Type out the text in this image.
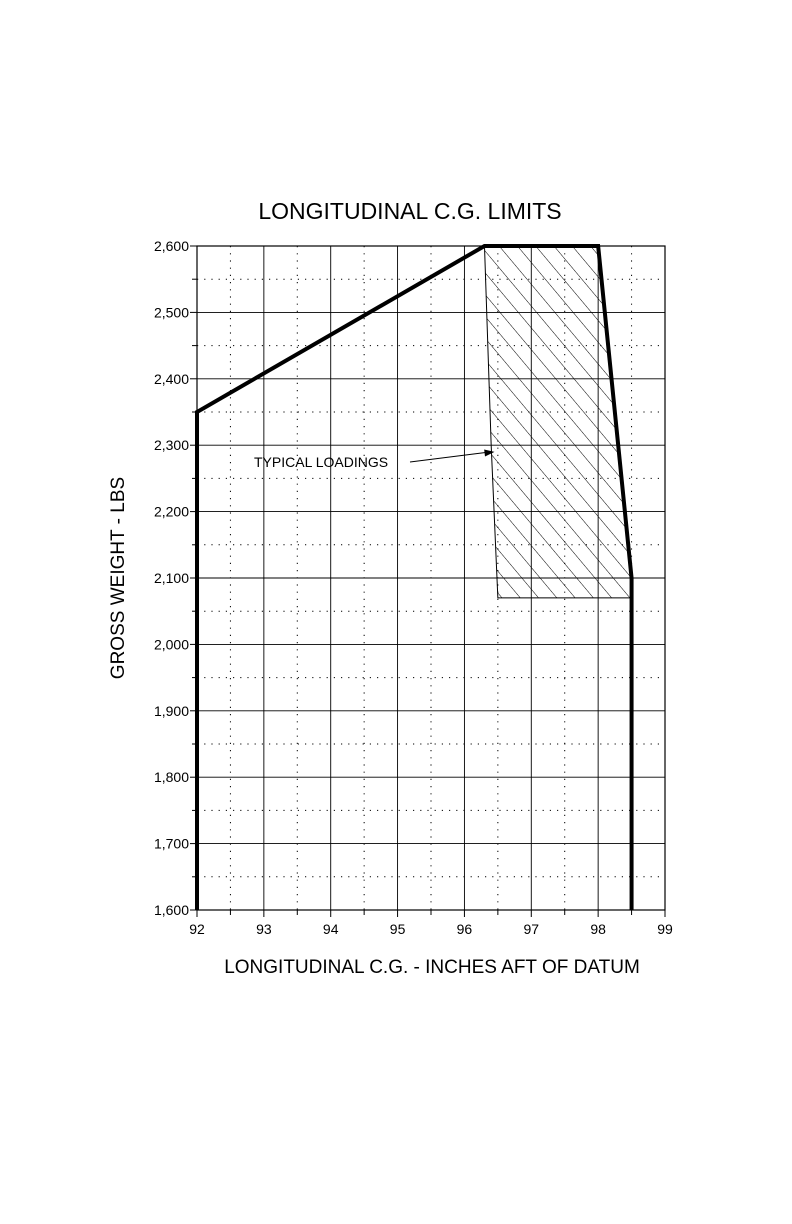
LONGITUDINAL C.G. LIMITS
92	93	94	95	96	97	98	99
1,600
1,700
1,800
1,900
2,000
2,100
2,200
2,300
2,400
2,500
2,600
TYPICAL LOADINGS
LONGITUDINAL C.G. - INCHES AFT OF DATUM
GROSS WEIGHT - LBS
